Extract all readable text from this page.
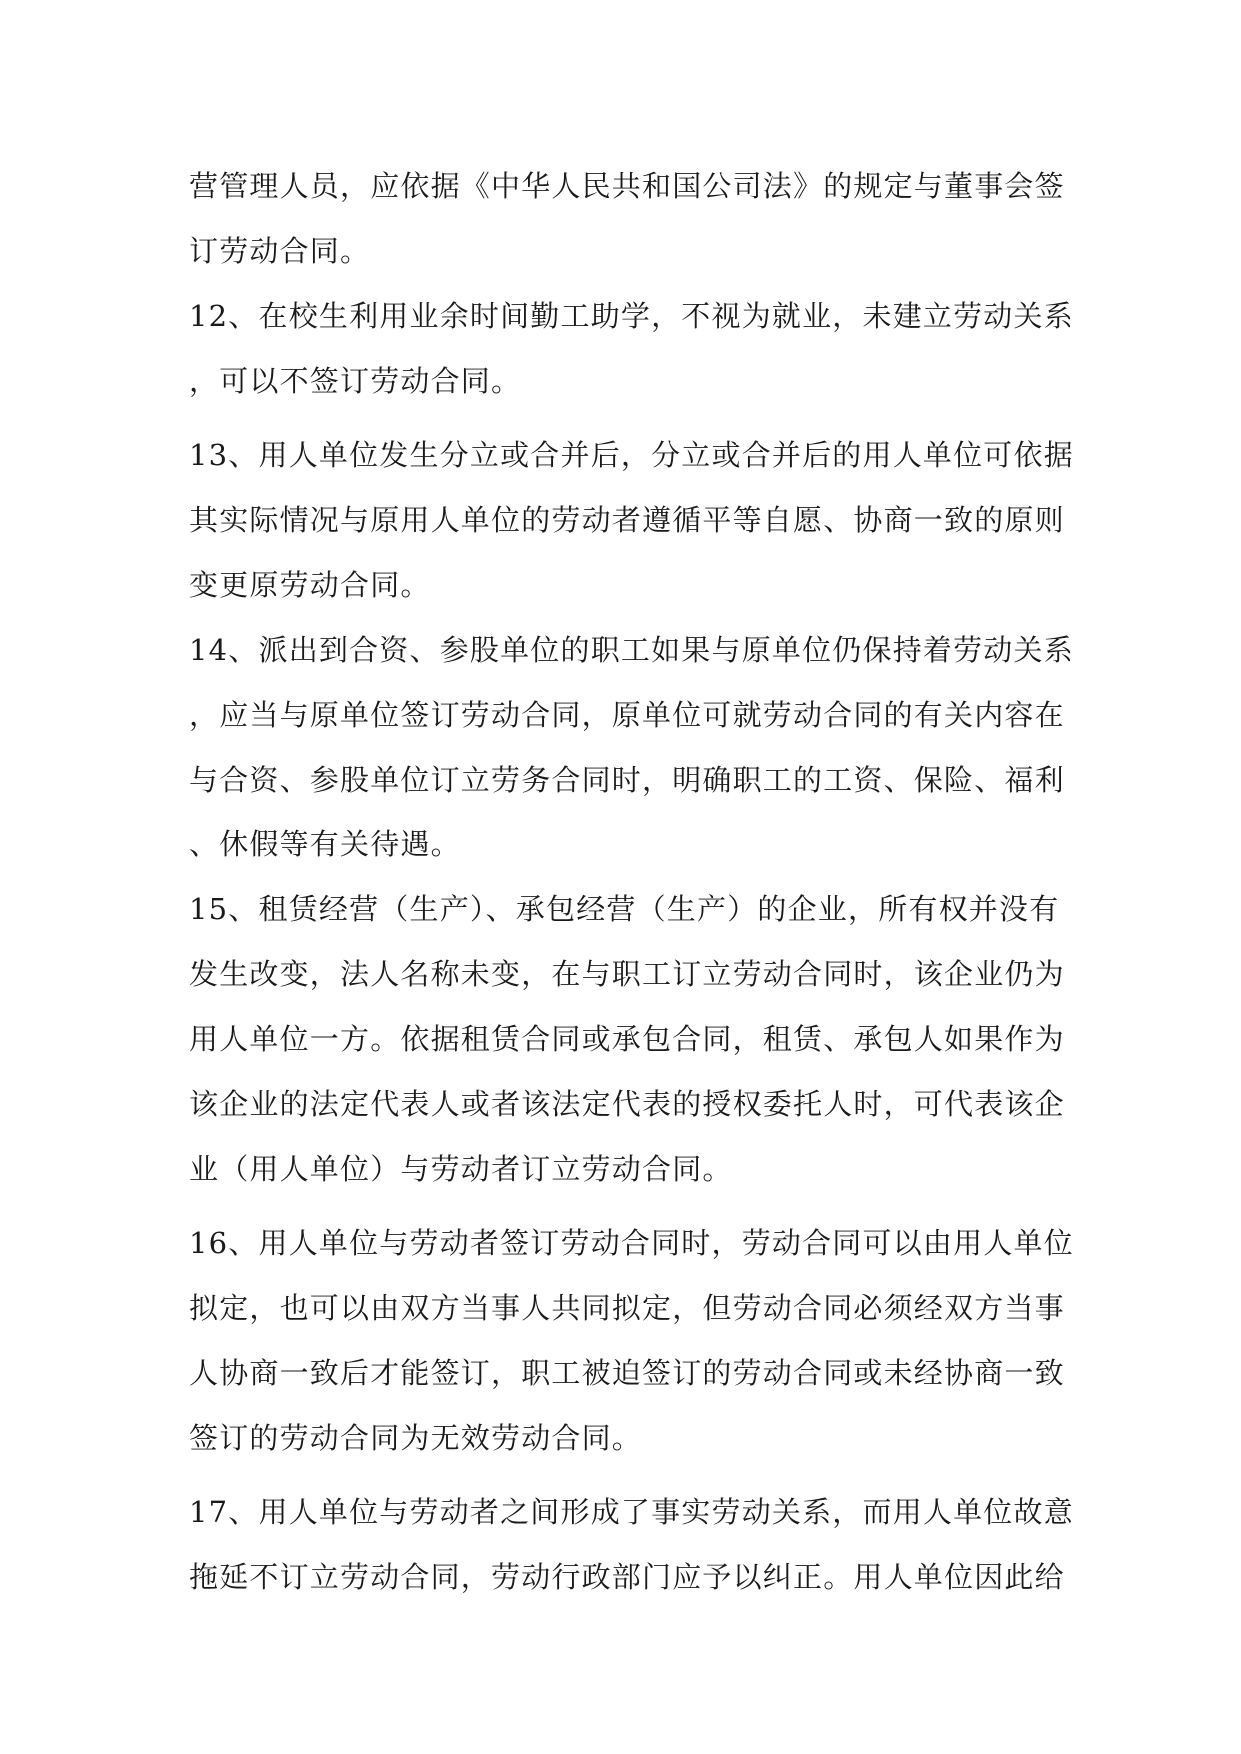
营管理人员，应依据《中华人民共和国公司法》的规定与董事会签
订劳动合同。
12、在校生利用业余时间勤工助学，不视为就业，未建立劳动关系
，可以不签订劳动合同。
13、用人单位发生分立或合并后，分立或合并后的用人单位可依据
其实际情况与原用人单位的劳动者遵循平等自愿、协商一致的原则
变更原劳动合同。
14、派出到合资、参股单位的职工如果与原单位仍保持着劳动关系
，应当与原单位签订劳动合同，原单位可就劳动合同的有关内容在
与合资、参股单位订立劳务合同时，明确职工的工资、保险、福利
、休假等有关待遇。
15、租赁经营（生产）、承包经营（生产）的企业，所有权并没有
发生改变，法人名称未变，在与职工订立劳动合同时，该企业仍为
用人单位一方。依据租赁合同或承包合同，租赁、承包人如果作为
该企业的法定代表人或者该法定代表的授权委托人时，可代表该企
业（用人单位）与劳动者订立劳动合同。
16、用人单位与劳动者签订劳动合同时，劳动合同可以由用人单位
拟定，也可以由双方当事人共同拟定，但劳动合同必须经双方当事
人协商一致后才能签订，职工被迫签订的劳动合同或未经协商一致
签订的劳动合同为无效劳动合同。
17、用人单位与劳动者之间形成了事实劳动关系，而用人单位故意
拖延不订立劳动合同，劳动行政部门应予以纠正。用人单位因此给
